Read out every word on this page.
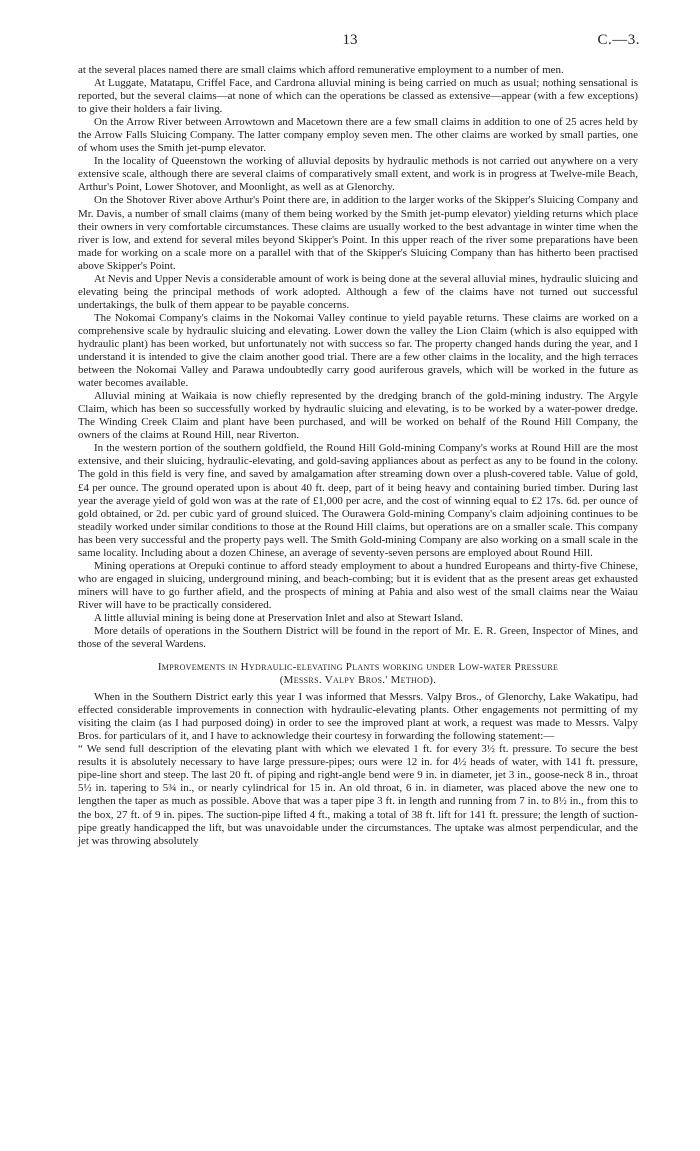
13	C.—3.

at the several places named there are small claims which afford remunerative employment to a number of men.

At Luggate, Matatapu, Criffel Face, and Cardrona alluvial mining is being carried on much as usual; nothing sensational is reported, but the several claims—at none of which can the operations be classed as extensive—appear (with a few exceptions) to give their holders a fair living.

On the Arrow River between Arrowtown and Macetown there are a few small claims in addition to one of 25 acres held by the Arrow Falls Sluicing Company. The latter company employ seven men. The other claims are worked by small parties, one of whom uses the Smith jet-pump elevator.

In the locality of Queenstown the working of alluvial deposits by hydraulic methods is not carried out anywhere on a very extensive scale, although there are several claims of comparatively small extent, and work is in progress at Twelve-mile Beach, Arthur's Point, Lower Shotover, and Moonlight, as well as at Glenorchy.

On the Shotover River above Arthur's Point there are, in addition to the larger works of the Skipper's Sluicing Company and Mr. Davis, a number of small claims (many of them being worked by the Smith jet-pump elevator) yielding returns which place their owners in very comfortable circumstances. These claims are usually worked to the best advantage in winter time when the river is low, and extend for several miles beyond Skipper's Point. In this upper reach of the river some preparations have been made for working on a scale more on a parallel with that of the Skipper's Sluicing Company than has hitherto been practised above Skipper's Point.

At Nevis and Upper Nevis a considerable amount of work is being done at the several alluvial mines, hydraulic sluicing and elevating being the principal methods of work adopted. Although a few of the claims have not turned out successful undertakings, the bulk of them appear to be payable concerns.

The Nokomai Company's claims in the Nokomai Valley continue to yield payable returns. These claims are worked on a comprehensive scale by hydraulic sluicing and elevating. Lower down the valley the Lion Claim (which is also equipped with hydraulic plant) has been worked, but unfortunately not with success so far. The property changed hands during the year, and I understand it is intended to give the claim another good trial. There are a few other claims in the locality, and the high terraces between the Nokomai Valley and Parawa undoubtedly carry good auriferous gravels, which will be worked in the future as water becomes available.

Alluvial mining at Waikaia is now chiefly represented by the dredging branch of the gold-mining industry. The Argyle Claim, which has been so successfully worked by hydraulic sluicing and elevating, is to be worked by a water-power dredge. The Winding Creek Claim and plant have been purchased, and will be worked on behalf of the Round Hill Company, the owners of the claims at Round Hill, near Riverton.

In the western portion of the southern goldfield, the Round Hill Gold-mining Company's works at Round Hill are the most extensive, and their sluicing, hydraulic-elevating, and gold-saving appliances about as perfect as any to be found in the colony. The gold in this field is very fine, and saved by amalgamation after streaming down over a plush-covered table. Value of gold, £4 per ounce. The ground operated upon is about 40 ft. deep, part of it being heavy and containing buried timber. During last year the average yield of gold won was at the rate of £1,000 per acre, and the cost of winning equal to £2 17s. 6d. per ounce of gold obtained, or 2d. per cubic yard of ground sluiced. The Ourawera Gold-mining Company's claim adjoining continues to be steadily worked under similar conditions to those at the Round Hill claims, but operations are on a smaller scale. This company has been very successful and the property pays well. The Smith Gold-mining Company are also working on a small scale in the same locality. Including about a dozen Chinese, an average of seventy-seven persons are employed about Round Hill.

Mining operations at Orepuki continue to afford steady employment to about a hundred Europeans and thirty-five Chinese, who are engaged in sluicing, underground mining, and beach-combing; but it is evident that as the present areas get exhausted miners will have to go further afield, and the prospects of mining at Pahia and also west of the small claims near the Waiau River will have to be practically considered.

A little alluvial mining is being done at Preservation Inlet and also at Stewart Island.

More details of operations in the Southern District will be found in the report of Mr. E. R. Green, Inspector of Mines, and those of the several Wardens.

Improvements in Hydraulic-elevating Plants working under Low-water Pressure
(Messrs. Valpy Bros.' Method).

When in the Southern District early this year I was informed that Messrs. Valpy Bros., of Glenorchy, Lake Wakatipu, had effected considerable improvements in connection with hydraulic-elevating plants. Other engagements not permitting of my visiting the claim (as I had purposed doing) in order to see the improved plant at work, a request was made to Messrs. Valpy Bros. for particulars of it, and I have to acknowledge their courtesy in forwarding the following statement:—

“ We send full description of the elevating plant with which we elevated 1 ft. for every 3½ ft. pressure. To secure the best results it is absolutely necessary to have large pressure-pipes; ours were 12 in. for 4½ heads of water, with 141 ft. pressure, pipe-line short and steep. The last 20 ft. of piping and right-angle bend were 9 in. in diameter, jet 3 in., goose-neck 8 in., throat 5½ in. tapering to 5¾ in., or nearly cylindrical for 15 in. An old throat, 6 in. in diameter, was placed above the new one to lengthen the taper as much as possible. Above that was a taper pipe 3 ft. in length and running from 7 in. to 8½ in., from this to the box, 27 ft. of 9 in. pipes. The suction-pipe lifted 4 ft., making a total of 38 ft. lift for 141 ft. pressure; the length of suction-pipe greatly handicapped the lift, but was unavoidable under the circumstances. The uptake was almost perpendicular, and the jet was throwing absolutely
